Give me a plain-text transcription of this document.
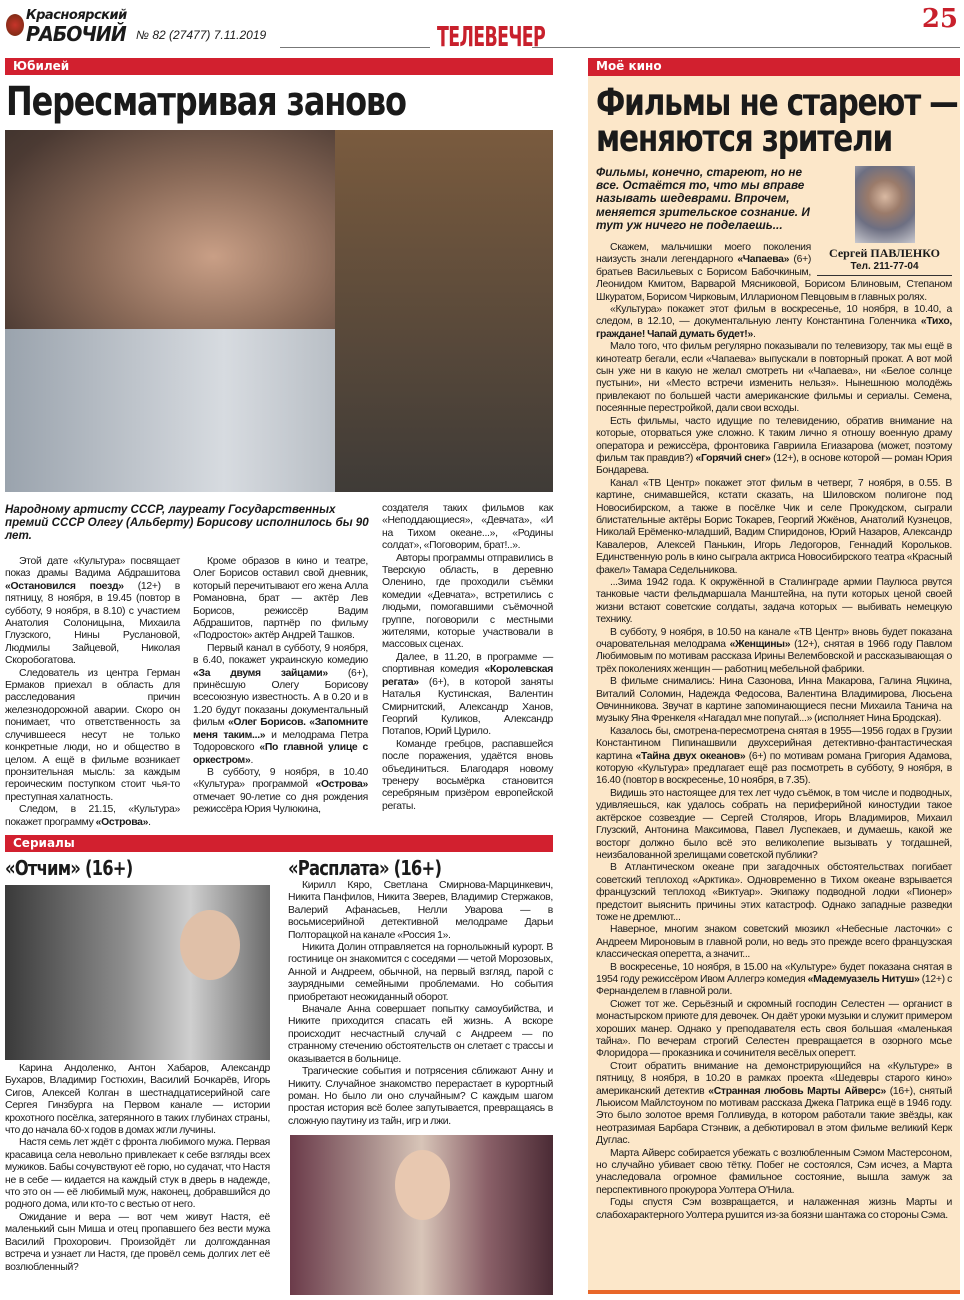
Красноярский
РАБОЧИЙ № 82 (27477) 7.11.2019	ТЕЛЕВЕЧЕР
25
Юбилей
Пересматривая заново
Народному артисту СССР, лауреату Государственных премий СССР Олегу (Альберту) Борисову исполнилось бы 90 лет.

Этой дате «Культура» посвящает показ драмы Вадима Абдрашитова «Остановился поезд» (12+) в пятницу, 8 ноября, в 19.45 (повтор в субботу, 9 ноября, в 8.10) с участием Анатолия Солоницына, Михаила Глузского, Нины Руслановой, Людмилы Зайцевой, Николая Скоробогатова.

Следователь из центра Герман Ермаков приехал в область для расследования причин железнодорожной аварии. Скоро он понимает, что ответственность за случившееся несут не только конкретные люди, но и общество в целом. А ещё в фильме возникает пронзительная мысль: за каждым героическим поступком стоит чья-то преступная халатность.

Следом, в 21.15, «Культура» покажет программу «Острова».

Кроме образов в кино и театре, Олег Борисов оставил свой дневник, который перечитывают его жена Алла Романовна, брат — актёр Лев Борисов, режиссёр Вадим Абдрашитов, партнёр по фильму «Подросток» актёр Андрей Ташков.

Первый канал в субботу, 9 ноября, в 6.40, покажет украинскую комедию «За двумя зайцами» (6+), принёсшую Олегу Борисову всесоюзную известность. А в 0.20 и в 1.20 будут показаны документальный фильм «Олег Борисов. «Запомните меня таким...» и мелодрама Петра Тодоровского «По главной улице с оркестром».

В субботу, 9 ноября, в 10.40 «Культура» программой «Острова» отмечает 90-летие со дня рождения режиссёра Юрия Чулюкина,

создателя таких фильмов как «Неподдающиеся», «Девчата», «И на Тихом океане...», «Родины солдат», «Поговорим, брат!..».

Авторы программы отправились в Тверскую область, в деревню Оленино, где проходили съёмки комедии «Девчата», встретились с людьми, помогавшими съёмочной группе, поговорили с местными жителями, которые участвовали в массовых сценах.

Далее, в 11.20, в программе — спортивная комедия «Королевская регата» (6+), в которой заняты Наталья Кустинская, Валентин Смирнитский, Александр Ханов, Георгий Куликов, Александр Потапов, Юрий Цурило.

Команде гребцов, распавшейся после поражения, удаётся вновь объединиться. Благодаря новому тренеру восьмёрка становится серебряным призёром европейской регаты.

Сериалы
«Отчим» (16+)

Карина Андоленко, Антон Хабаров, Александр Бухаров, Владимир Гостюхин, Василий Бочкарёв, Игорь Сигов, Алексей Колган в шестнадцатисерийной саге Сергея Гинзбурга на Первом канале — истории крохотного посёлка, затерянного в таких глубинах страны, что до начала 60-х годов в домах жгли лучины.

Настя семь лет ждёт с фронта любимого мужа. Первая красавица села невольно привлекает к себе взгляды всех мужиков. Бабы сочувствуют её горю, но судачат, что Настя не в себе — кидается на каждый стук в дверь в надежде, что это он — её любимый муж, наконец, добравшийся до родного дома, или кто-то с вестью от него.

Ожидание и вера — вот чем живут Настя, её маленький сын Миша и отец пропавшего без вести мужа Василий Прохорович. Произойдёт ли долгожданная встреча и узнает ли Настя, где провёл семь долгих лет её возлюбленный?

«Расплата» (16+)

Кирилл Кяро, Светлана Смирнова-Марцинкевич, Никита Панфилов, Никита Зверев, Владимир Стержаков, Валерий Афанасьев, Нелли Уварова — в восьмисерийной детективной мелодраме Дарьи Полторацкой на канале «Россия 1».

Никита Долин отправляется на горнолыжный курорт. В гостинице он знакомится с соседями — четой Морозовых, Анной и Андреем, обычной, на первый взгляд, парой с заурядными семейными проблемами. Но события приобретают неожиданный оборот.

Вначале Анна совершает попытку самоубийства, и Никите приходится спасать ей жизнь. А вскоре происходит несчастный случай с Андреем — по странному стечению обстоятельств он слетает с трассы и оказывается в больнице.

Трагические события и потрясения сближают Анну и Никиту. Случайное знакомство перерастает в курортный роман. Но было ли оно случайным? С каждым шагом простая история всё более запутывается, превращаясь в сложную паутину из тайн, игр и лжи.

Моё кино
Фильмы не стареют —
меняются зрители
Сергей ПАВЛЕНКО
Тел. 211-77-04
Фильмы, конечно, стареют, но не все. Остаётся то, что мы вправе называть шедеврами. Впрочем, меняется зрительское сознание. И тут уж ничего не поделаешь...

Скажем, мальчишки моего поколения наизусть знали легендарного «Чапаева» (6+) братьев Васильевых с Борисом Бабочкиным, Леонидом Кмитом, Варварой Мясниковой, Борисом Блиновым, Степаном Шкуратом, Борисом Чирковым, Илларионом Певцовым в главных ролях.

«Культура» покажет этот фильм в воскресенье, 10 ноября, в 10.40, а следом, в 12.10, — документальную ленту Константина Голенчика «Тихо, граждане! Чапай думать будет!».

Мало того, что фильм регулярно показывали по телевизору, так мы ещё в кинотеатр бегали, если «Чапаева» выпускали в повторный прокат. А вот мой сын уже ни в какую не желал смотреть ни «Чапаева», ни «Белое солнце пустыни», ни «Место встречи изменить нельзя». Нынешнюю молодёжь привлекают по большей части американские фильмы и сериалы. Семена, посеянные перестройкой, дали свои всходы.

Есть фильмы, часто идущие по телевидению, обратив внимание на которые, оторваться уже сложно. К таким лично я отношу военную драму оператора и режиссёра, фронтовика Гавриила Егиазарова (может, поэтому фильм так правдив?) «Горячий снег» (12+), в основе которой — роман Юрия Бондарева.

Канал «ТВ Центр» покажет этот фильм в четверг, 7 ноября, в 0.55. В картине, снимавшейся, кстати сказать, на Шиловском полигоне под Новосибирском, а также в посёлке Чик и селе Прокудском, сыграли блистательные актёры Борис Токарев, Георгий Жжёнов, Анатолий Кузнецов, Николай Ерёменко-младший, Вадим Спиридонов, Юрий Назаров, Александр Кавалеров, Алексей Панькин, Игорь Ледогоров, Геннадий Корольков. Единственную роль в кино сыграла актриса Новосибирского театра «Красный факел» Тамара Седельникова.

...Зима 1942 года. К окружённой в Сталинграде армии Паулюса рвутся танковые части фельдмаршала Манштейна, на пути которых ценой своей жизни встают советские солдаты, задача которых — выбивать немецкую технику.

В субботу, 9 ноября, в 10.50 на канале «ТВ Центр» вновь будет показана очаровательная мелодрама «Женщины» (12+), снятая в 1966 году Павлом Любимовым по мотивам рассказа Ирины Велембовской и рассказывающая о трёх поколениях женщин — работниц мебельной фабрики.

В фильме снимались: Нина Сазонова, Инна Макарова, Галина Яцкина, Виталий Соломин, Надежда Федосова, Валентина Владимирова, Люсьена Овчинникова. Звучат в картине запоминающиеся песни Михаила Танича на музыку Яна Френкеля «Нагадал мне попугай...» (исполняет Нина Бродская).

Казалось бы, смотрена-пересмотрена снятая в 1955—1956 годах в Грузии Константином Пипинашвили двухсерийная детективно-фантастическая картина «Тайна двух океанов» (6+) по мотивам романа Григория Адамова, которую «Культура» предлагает ещё раз посмотреть в субботу, 9 ноября, в 16.40 (повтор в воскресенье, 10 ноября, в 7.35).

Видишь это настоящее для тех лет чудо съёмок, в том числе и подводных, удивляешься, как удалось собрать на периферийной киностудии такое актёрское созвездие — Сергей Столяров, Игорь Владимиров, Михаил Глузский, Антонина Максимова, Павел Луспекаев, и думаешь, какой же восторг должно было всё это великолепие вызывать у тогдашней, неизбалованной зрелищами советской публики?

В Атлантическом океане при загадочных обстоятельствах погибает советский теплоход «Арктика». Одновременно в Тихом океане взрывается французский теплоход «Виктуар». Экипажу подводной лодки «Пионер» предстоит выяснить причины этих катастроф. Однако западные разведки тоже не дремлют...

Наверное, многим знаком советский мюзикл «Небесные ласточки» с Андреем Мироновым в главной роли, но ведь это прежде всего французская классическая оперетта, а значит...

В воскресенье, 10 ноября, в 15.00 на «Культуре» будет показана снятая в 1954 году режиссёром Ивом Аллегрэ комедия «Мадемуазель Нитуш» (12+) с Фернанделем в главной роли.

Сюжет тот же. Серьёзный и скромный господин Селестен — органист в монастырском приюте для девочек. Он даёт уроки музыки и служит примером хороших манер. Однако у преподавателя есть своя большая «маленькая тайна». По вечерам строгий Селестен превращается в озорного мсье Флоридора — проказника и сочинителя весёлых оперетт.

Стоит обратить внимание на демонстрирующийся на «Культуре» в пятницу, 8 ноября, в 10.20 в рамках проекта «Шедевры старого кино» американский детектив «Странная любовь Марты Айверс» (16+), снятый Льюисом Майлстоуном по мотивам рассказа Джека Патрика ещё в 1946 году. Это было золотое время Голливуда, в котором работали такие звёзды, как неотразимая Барбара Стэнвик, а дебютировал в этом фильме великий Керк Дуглас.

Марта Айверс собирается убежать с возлюбленным Сэмом Мастерсоном, но случайно убивает свою тётку. Побег не состоялся, Сэм исчез, а Марта унаследовала огромное фамильное состояние, вышла замуж за перспективного прокурора Уолтера О'Нила.

Годы спустя Сэм возвращается, и налаженная жизнь Марты и слабохарактерного Уолтера рушится из-за боязни шантажа со стороны Сэма.
